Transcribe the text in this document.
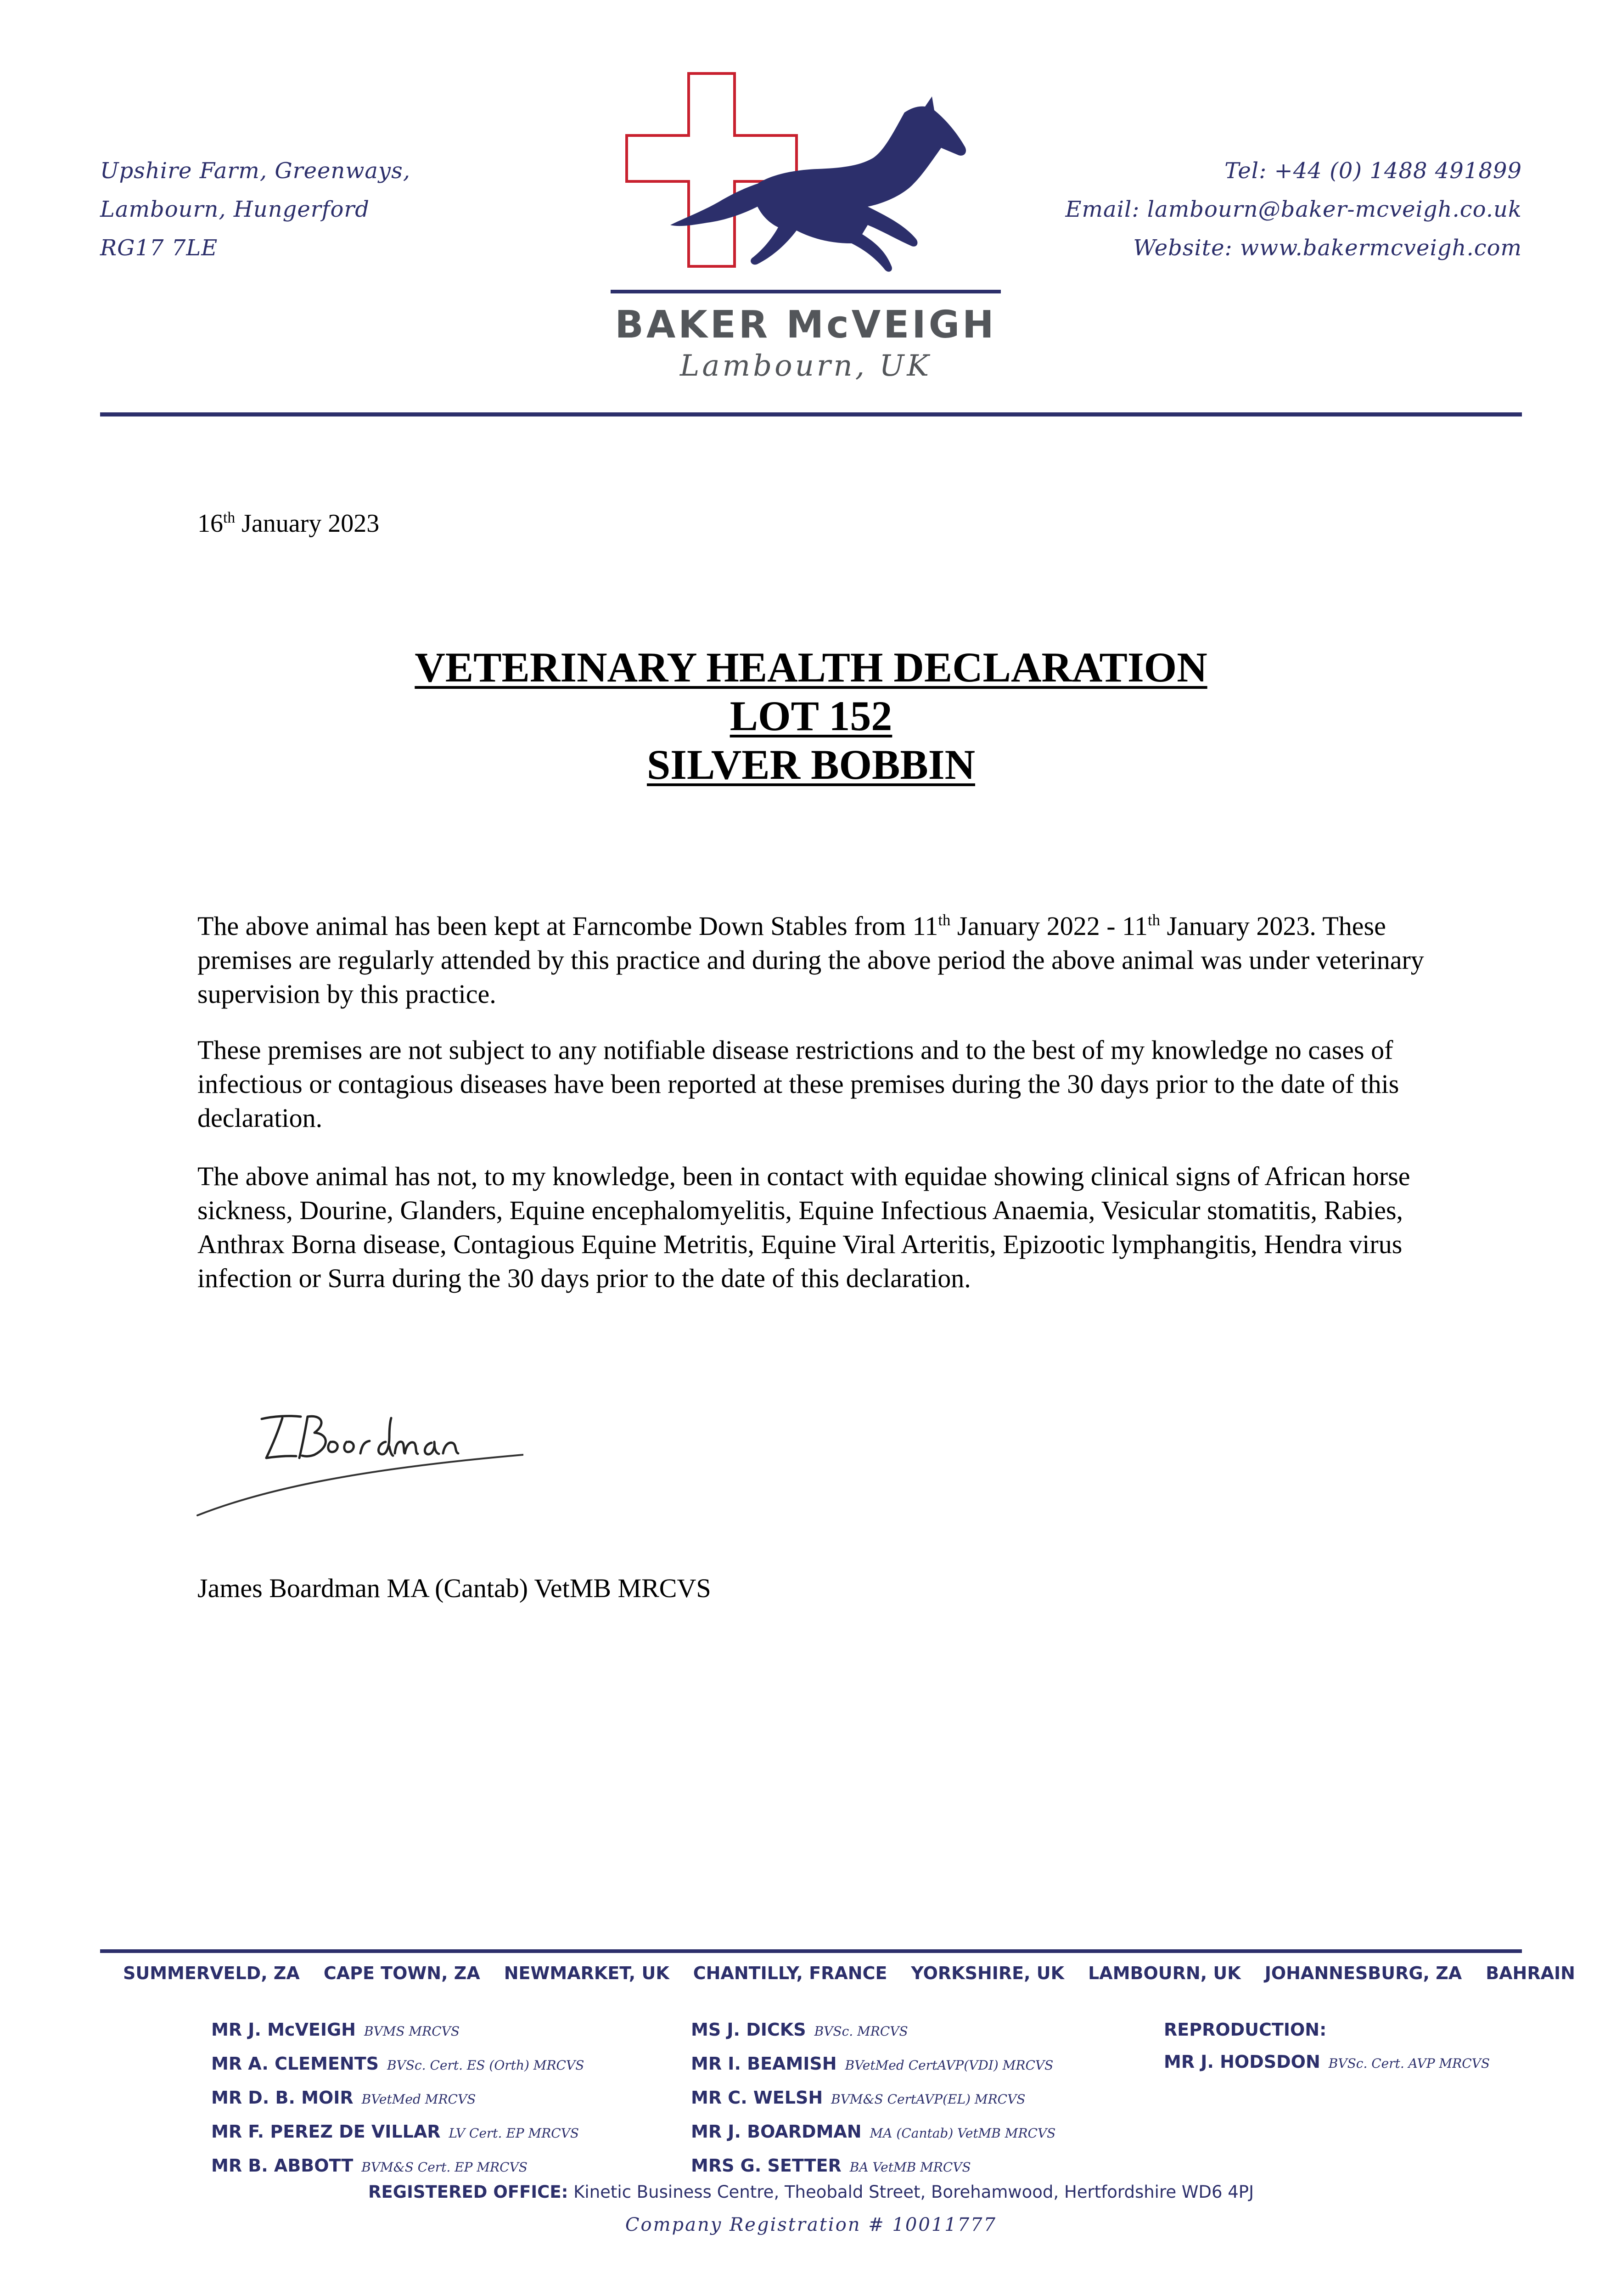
Upshire Farm, Greenways,
Lambourn, Hungerford
RG17 7LE
BAKER McVEIGH
Lambourn, UK
Tel: +44 (0) 1488 491899
Email: lambourn@baker-mcveigh.co.uk
Website: www.bakermcveigh.com
16th January 2023
VETERINARY HEALTH DECLARATION
LOT 152
SILVER BOBBIN

The above animal has been kept at Farncombe Down Stables from 11th January 2022 - 11th January 2023. These premises are regularly attended by this practice and during the above period the above animal was under veterinary supervision by this practice.

These premises are not subject to any notifiable disease restrictions and to the best of my knowledge no cases of infectious or contagious diseases have been reported at these premises during the 30 days prior to the date of this declaration.

The above animal has not, to my knowledge, been in contact with equidae showing clinical signs of African horse sickness, Dourine, Glanders, Equine encephalomyelitis, Equine Infectious Anaemia, Vesicular stomatitis, Rabies, Anthrax Borna disease, Contagious Equine Metritis, Equine Viral Arteritis, Epizootic lymphangitis, Hendra virus infection or Surra during the 30 days prior to the date of this declaration.

James Boardman MA (Cantab) VetMB MRCVS
SUMMERVELD, ZA CAPE TOWN, ZA NEWMARKET, UK CHANTILLY, FRANCE YORKSHIRE, UK LAMBOURN, UK JOHANNESBURG, ZA BAHRAIN
MR J. McVEIGH BVMS MRCVS
MR A. CLEMENTS BVSc. Cert. ES (Orth) MRCVS
MR D. B. MOIR BVetMed MRCVS
MR F. PEREZ DE VILLAR LV Cert. EP MRCVS
MR B. ABBOTT BVM&S Cert. EP MRCVS
MS J. DICKS BVSc. MRCVS
MR I. BEAMISH BVetMed CertAVP(VDI) MRCVS
MR C. WELSH BVM&S CertAVP(EL) MRCVS
MR J. BOARDMAN MA (Cantab) VetMB MRCVS
MRS G. SETTER BA VetMB MRCVS
REPRODUCTION:
MR J. HODSDON BVSc. Cert. AVP MRCVS
REGISTERED OFFICE: Kinetic Business Centre, Theobald Street, Borehamwood, Hertfordshire WD6 4PJ
Company Registration # 10011777
